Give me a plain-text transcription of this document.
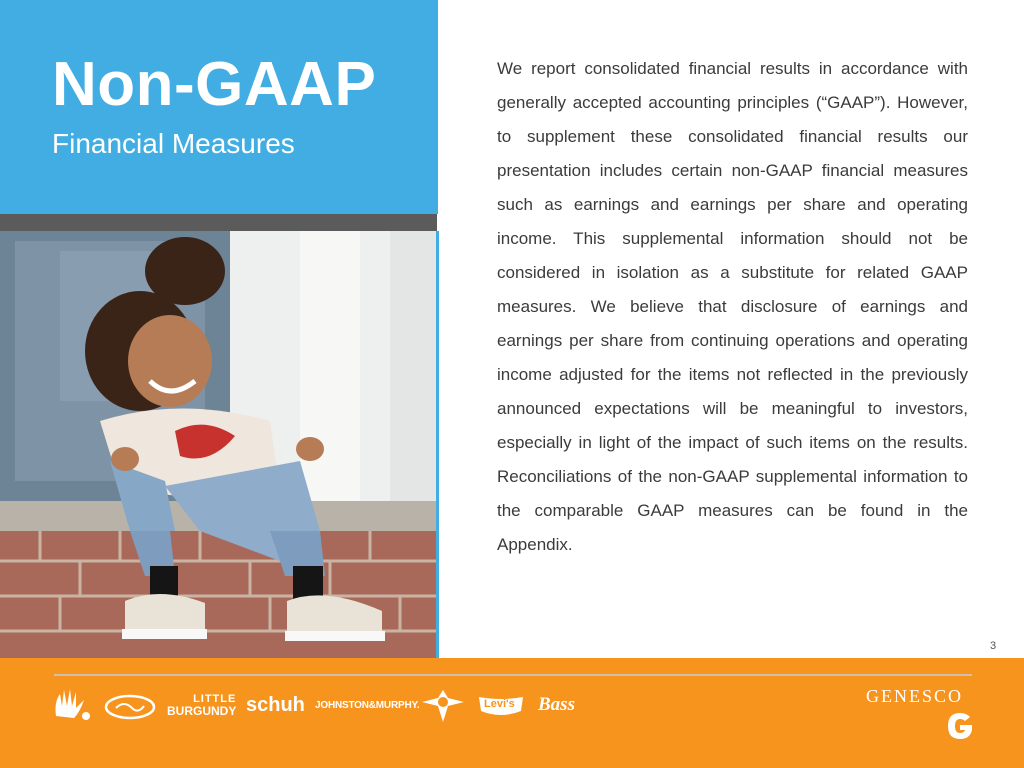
Non-GAAP
Financial Measures

We report consolidated financial results in accordance with generally accepted accounting principles (“GAAP”). However, to supplement these consolidated financial results our presentation includes certain non-GAAP financial measures such as earnings and earnings per share and operating income. This supplemental information should not be considered in isolation as a substitute for related GAAP measures. We believe that disclosure of earnings and earnings per share from continuing operations and operating income adjusted for the items not reflected in the previously announced expectations will be meaningful to investors, especially in light of the impact of such items on the results. Reconciliations of the non-GAAP supplemental information to the comparable GAAP measures can be found in the Appendix.

3
LITTLE
BURGUNDY schuh JOHNSTON&MURPHY.	Levi's Bass	GENESCO
